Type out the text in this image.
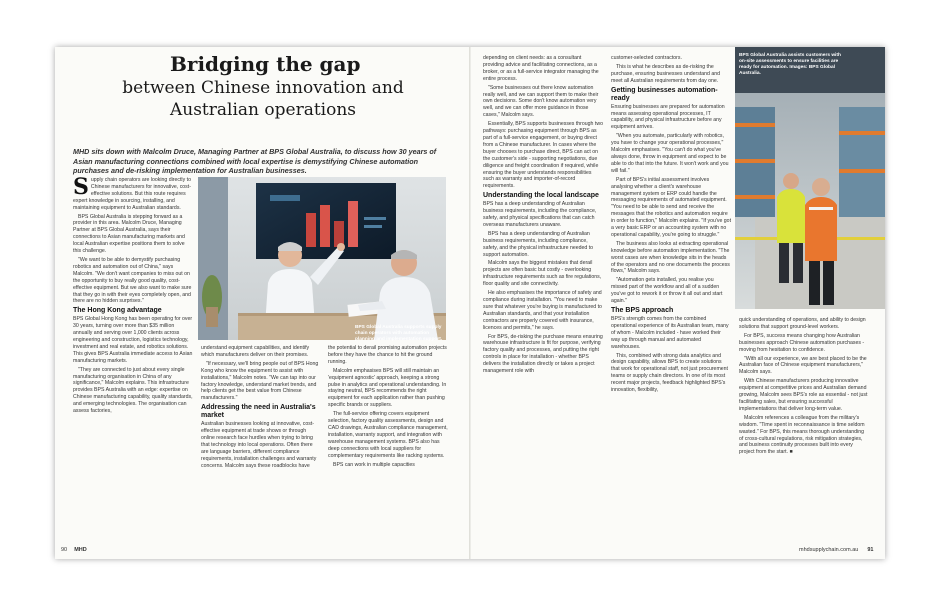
Bridging the gap
between Chinese innovation and Australian operations

MHD sits down with Malcolm Druce, Managing Partner at BPS Global Australia, to discuss how 30 years of Asian manufacturing connections combined with local expertise is demystifying Chinese automation purchases and de-risking implementation for Australian businesses.

BPS Global Australia supports supply chain operators with automation planning and implementation support.
BPS Global Australia assists customers with on-site assessments to ensure facilities are ready for automation. Images: BPS Global Australia.
S upply chain operators are looking directly to Chinese manufacturers for innovative, cost-effective solutions. But this route requires expert knowledge in sourcing, installing, and maintaining equipment to Australian standards.

BPS Global Australia is stepping forward as a provider in this area. Malcolm Druce, Managing Partner at BPS Global Australia, says their connections to Asian manufacturing markets and local Australian expertise positions them to solve this challenge.

"We want to be able to demystify purchasing robotics and automation out of China," says Malcolm. "We don't want companies to miss out on the opportunity to buy really good quality, cost-effective equipment. But we also want to make sure that they go in with their eyes completely open, and there are no hidden surprises."

The Hong Kong advantage

BPS Global Hong Kong has been operating for over 30 years, turning over more than $35 million annually and serving over 1,000 clients across engineering and construction, logistics technology, investment and real estate, and robotics solutions. This gives BPS Australia immediate access to Asian manufacturing markets.

"They are connected to just about every single manufacturing organisation in China of any significance," Malcolm explains. This infrastructure provides BPS Australia with an edge: expertise on Chinese manufacturing capability, quality standards, and emerging technologies. The organisation can assess factories,

understand equipment capabilities, and identify which manufacturers deliver on their promises.

"If necessary, we'll bring people out of BPS Hong Kong who know the equipment to assist with installations," Malcolm notes. "We can tap into our factory knowledge, understand market trends, and help clients get the best value from Chinese manufacturers."

Addressing the need in Australia's market

Australian businesses looking at innovative, cost-effective equipment at trade shows or through online research face hurdles when trying to bring that technology into local operations. Often there are language barriers, different compliance requirements, installation challenges and warranty concerns. Malcolm says these roadblocks have

the potential to derail promising automation projects before they have the chance to hit the ground running.

Malcolm emphasises BPS will still maintain an 'equipment agnostic' approach, keeping a strong pulse in analytics and operational understanding. In staying neutral, BPS recommends the right equipment for each application rather than pushing specific brands or suppliers.

The full-service offering covers equipment selection, factory quality assessments, design and CAD drawings, Australian compliance management, installation, warranty support, and integration with warehouse management systems. BPS also has deep connections with local suppliers for complementary requirements like racking systems.

BPS can work in multiple capacities

depending on client needs: as a consultant providing advice and facilitating connections, as a broker, or as a full-service integrator managing the entire process.

"Some businesses out there know automation really well, and we can support them to make their own decisions. Some don't know automation very well, and we can offer more guidance in those cases," Malcolm says.

Essentially, BPS supports businesses through two pathways: purchasing equipment through BPS as part of a full-service engagement, or buying direct from a Chinese manufacturer. In cases where the buyer chooses to purchase direct, BPS can act on the customer's side - supporting negotiations, due diligence and freight coordination if required, while ensuring the buyer understands responsibilities such as warranty and importer-of-record requirements.

Understanding the local landscape

BPS has a deep understanding of Australian business requirements, including the compliance, safety, and physical specifications that can catch overseas manufacturers unaware.

BPS has a deep understanding of Australian business requirements, including compliance, safety, and the physical infrastructure needed to support automation.

Malcolm says the biggest mistakes that derail projects are often basic but costly - overlooking infrastructure requirements such as fire regulations, floor quality and site connectivity.

He also emphasises the importance of safety and compliance during installation. "You need to make sure that whatever you're buying is manufactured to Australian standards, and that your installation contractors are properly covered with insurance, licences and permits," he says.

For BPS, de-risking the purchase means ensuring warehouse infrastructure is fit for purpose, verifying factory quality and processes, and putting the right controls in place for installation - whether BPS delivers the installation directly or takes a project management role with

customer-selected contractors.

This is what he describes as de-risking the purchase, ensuring businesses understand and meet all Australian requirements from day one.

Getting businesses automation-ready

Ensuring businesses are prepared for automation means assessing operational processes, IT capability, and physical infrastructure before any equipment arrives.

"When you automate, particularly with robotics, you have to change your operational processes," Malcolm emphasises. "You can't do what you've always done, throw in equipment and expect to be able to do that into the future. It won't work and you will fail."

Part of BPS's initial assessment involves analysing whether a client's warehouse management system or ERP could handle the messaging requirements of automated equipment. "You need to be able to send and receive the messages that the robotics and automation require in order to function," Malcolm explains. "If you've got a very basic ERP or an accounting system with no operational capability, you're going to struggle."

The business also looks at extracting operational knowledge before automation implementation. "The worst cases are when knowledge sits in the heads of the operators and no one documents the process flows," Malcolm says.

"Automation gets installed, you realise you missed part of the workflow and all of a sudden you've got to rework it or throw it all out and start again."

The BPS approach

BPS's strength comes from the combined operational experience of its Australian team, many of whom - Malcolm included - have worked their way up through manual and automated warehouses.

This, combined with strong data analytics and design capability, allows BPS to create solutions that work for operational staff, not just procurement teams or supply chain directors. In one of its most recent major projects, feedback highlighted BPS's innovation, flexibility,

quick understanding of operations, and ability to design solutions that support ground-level workers.

For BPS, success means changing how Australian businesses approach Chinese automation purchases - moving from hesitation to confidence.

"With all our experience, we are best placed to be the Australian face of Chinese equipment manufacturers," Malcolm says.

With Chinese manufacturers producing innovative equipment at competitive prices and Australian demand growing, Malcolm sees BPS's role as essential - not just facilitating sales, but ensuring successful implementations that deliver long-term value.

Malcolm references a colleague from the military's wisdom. "Time spent in reconnaissance is time seldom wasted." For BPS, this means thorough understanding of cross-cultural regulations, risk mitigation strategies, and business continuity processes built into every project from the start. ■

90 MHD	mhdsupplychain.com.au 91
